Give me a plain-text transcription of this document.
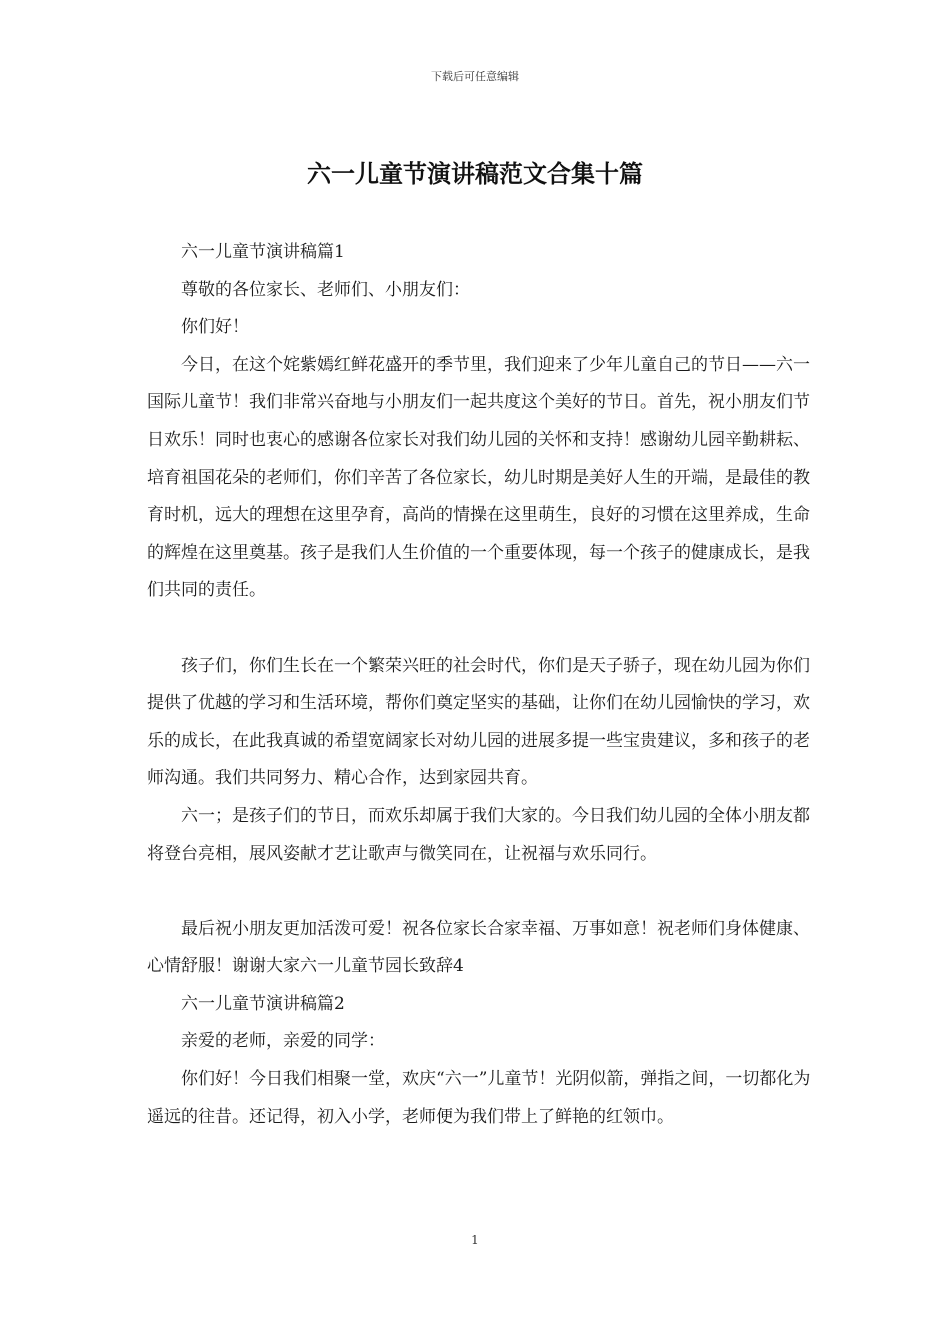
下载后可任意编辑
六一儿童节演讲稿范文合集十篇

六一儿童节演讲稿篇1

尊敬的各位家长、老师们、小朋友们：

你们好！

今日，在这个姹紫嫣红鲜花盛开的季节里，我们迎来了少年儿童自己的节日——六一国际儿童节！我们非常兴奋地与小朋友们一起共度这个美好的节日。首先，祝小朋友们节日欢乐！同时也衷心的感谢各位家长对我们幼儿园的关怀和支持！感谢幼儿园辛勤耕耘、培育祖国花朵的老师们，你们辛苦了各位家长，幼儿时期是美好人生的开端，是最佳的教育时机，远大的理想在这里孕育，高尚的情操在这里萌生，良好的习惯在这里养成，生命的辉煌在这里奠基。孩子是我们人生价值的一个重要体现，每一个孩子的健康成长，是我们共同的责任。

孩子们，你们生长在一个繁荣兴旺的社会时代，你们是天子骄子，现在幼儿园为你们提供了优越的学习和生活环境，帮你们奠定坚实的基础，让你们在幼儿园愉快的学习，欢乐的成长，在此我真诚的希望宽阔家长对幼儿园的进展多提一些宝贵建议，多和孩子的老师沟通。我们共同努力、精心合作，达到家园共育。

六一；是孩子们的节日，而欢乐却属于我们大家的。今日我们幼儿园的全体小朋友都将登台亮相，展风姿献才艺让歌声与微笑同在，让祝福与欢乐同行。

最后祝小朋友更加活泼可爱！祝各位家长合家幸福、万事如意！祝老师们身体健康、心情舒服！谢谢大家六一儿童节园长致辞4

六一儿童节演讲稿篇2

亲爱的老师，亲爱的同学：

你们好！今日我们相聚一堂，欢庆“六一”儿童节！光阴似箭，弹指之间，一切都化为遥远的往昔。还记得，初入小学，老师便为我们带上了鲜艳的红领巾。

1
